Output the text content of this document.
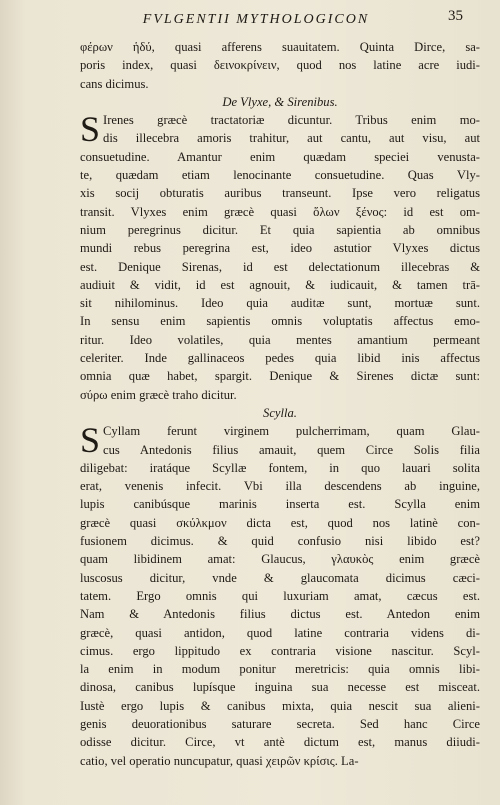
FVLGENTII MYTHOLOGICON	35
φέρων ἡδύ, quasi afferens suauitatem. Quinta Dirce, sa-
poris index, quasi δεινοκρίνειν, quod nos latine acre iudi-
cans dicimus.
De Vlyxe, & Sirenibus.
S Irenes græcè tractatoriæ dicuntur. Tribus enim mo-
dis illecebra amoris trahitur, aut cantu, aut visu, aut
consuetudine. Amantur enim quædam speciei venusta-
te, quædam etiam lenocinante consuetudine. Quas Vly-
xis socij obturatis auribus transeunt. Ipse vero religatus
transit. Vlyxes enim græcè quasi ὅλων ξένος: id est om-
nium peregrinus dicitur. Et quia sapientia ab omnibus
mundi rebus peregrina est, ideo astutior Vlyxes dictus
est. Denique Sirenas, id est delectationum illecebras &
audiuit & vidit, id est agnouit, & iudicauit, & tamen trā-
sit nihilominus. Ideo quia auditæ sunt, mortuæ sunt.
In sensu enim sapientis omnis voluptatis affectus emo-
ritur. Ideo volatiles, quia mentes amantium permeant
celeriter. Inde gallinaceos pedes quia libid inis affectus
omnia quæ habet, spargit. Denique & Sirenes dictæ sunt:
σύρω enim græcè traho dicitur.
Scylla.
S Cyllam ferunt virginem pulcherrimam, quam Glau-
cus Antedonis filius amauit, quem Circe Solis filia
diligebat: iratáque Scyllæ fontem, in quo lauari solita
erat, venenis infecit. Vbi illa descendens ab inguine,
lupis canibúsque marinis inserta est. Scylla enim
græcè quasi σκύλκμον dicta est, quod nos latinè con-
fusionem dicimus. & quid confusio nisi libido est?
quam libidinem amat: Glaucus, γλαυκὸς enim græcè
luscosus dicitur, vnde & glaucomata dicimus cæci-
tatem. Ergo omnis qui luxuriam amat, cæcus est.
Nam & Antedonis filius dictus est. Antedon enim
græcè, quasi antidon, quod latine contraria videns di-
cimus. ergo lippitudo ex contraria visione nascitur. Scyl-
la enim in modum ponitur meretricis: quia omnis libi-
dinosa, canibus lupísque inguina sua necesse est misceat.
Iustè ergo lupis & canibus mixta, quia nescit sua alieni-
genis deuorationibus saturare secreta. Sed hanc Circe
odisse dicitur. Circe, vt antè dictum est, manus diiudi-
catio, vel operatio nuncupatur, quasi χειρῶν κρίσις. La-
